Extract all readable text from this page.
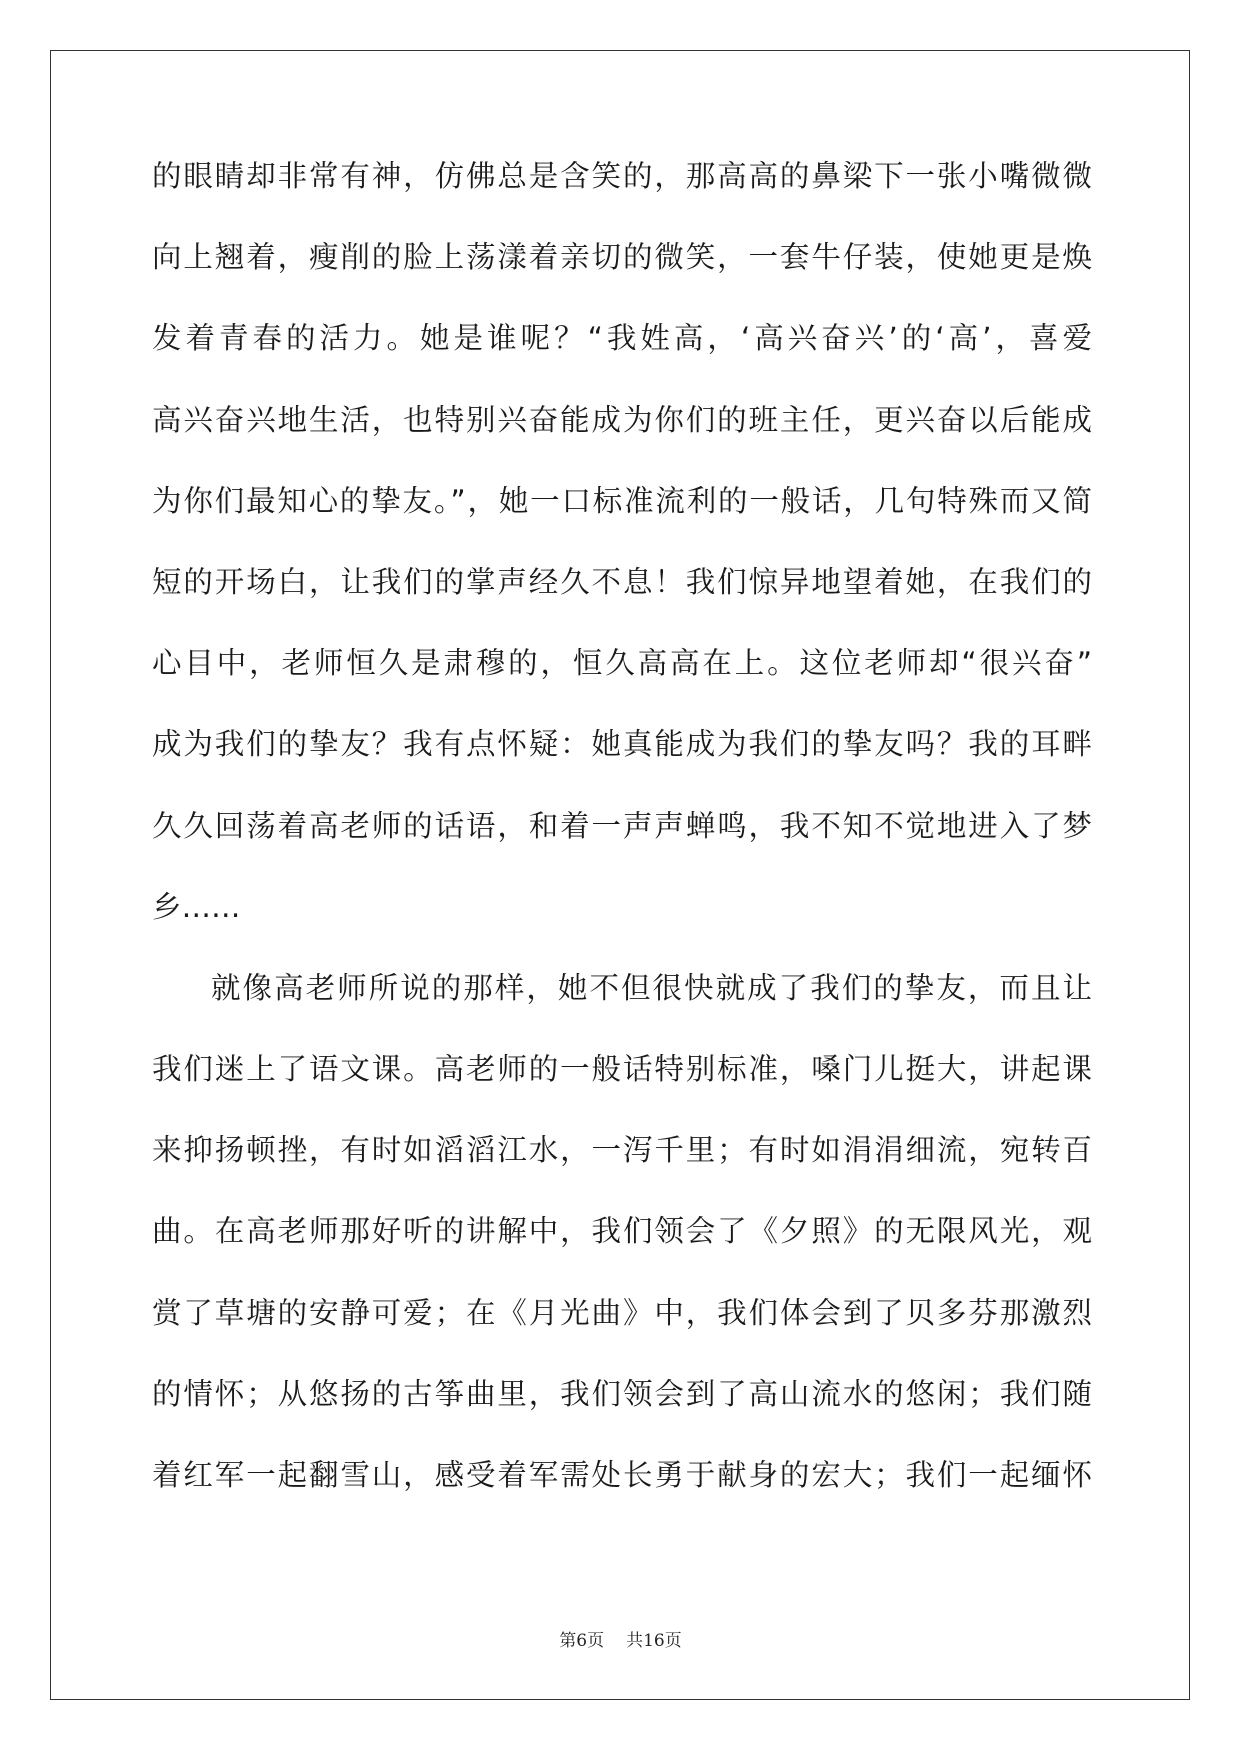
的眼睛却非常有神，仿佛总是含笑的，那高高的鼻梁下一张小嘴微微
向上翘着，瘦削的脸上荡漾着亲切的微笑，一套牛仔装，使她更是焕
发着青春的活力。她是谁呢？“我姓高，‘高兴奋兴’的‘高’，喜爱
高兴奋兴地生活，也特别兴奋能成为你们的班主任，更兴奋以后能成
为你们最知心的挚友。”，她一口标准流利的一般话，几句特殊而又简
短的开场白，让我们的掌声经久不息！我们惊异地望着她，在我们的
心目中，老师恒久是肃穆的，恒久高高在上。这位老师却“很兴奋”
成为我们的挚友？我有点怀疑：她真能成为我们的挚友吗？我的耳畔
久久回荡着高老师的话语，和着一声声蝉鸣，我不知不觉地进入了梦
乡……
就像高老师所说的那样，她不但很快就成了我们的挚友，而且让
我们迷上了语文课。高老师的一般话特别标准，嗓门儿挺大，讲起课
来抑扬顿挫，有时如滔滔江水，一泻千里；有时如涓涓细流，宛转百
曲。在高老师那好听的讲解中，我们领会了《夕照》的无限风光，观
赏了草塘的安静可爱；在《月光曲》中，我们体会到了贝多芬那激烈
的情怀；从悠扬的古筝曲里，我们领会到了高山流水的悠闲；我们随
着红军一起翻雪山，感受着军需处长勇于献身的宏大；我们一起缅怀
第6页 共16页
